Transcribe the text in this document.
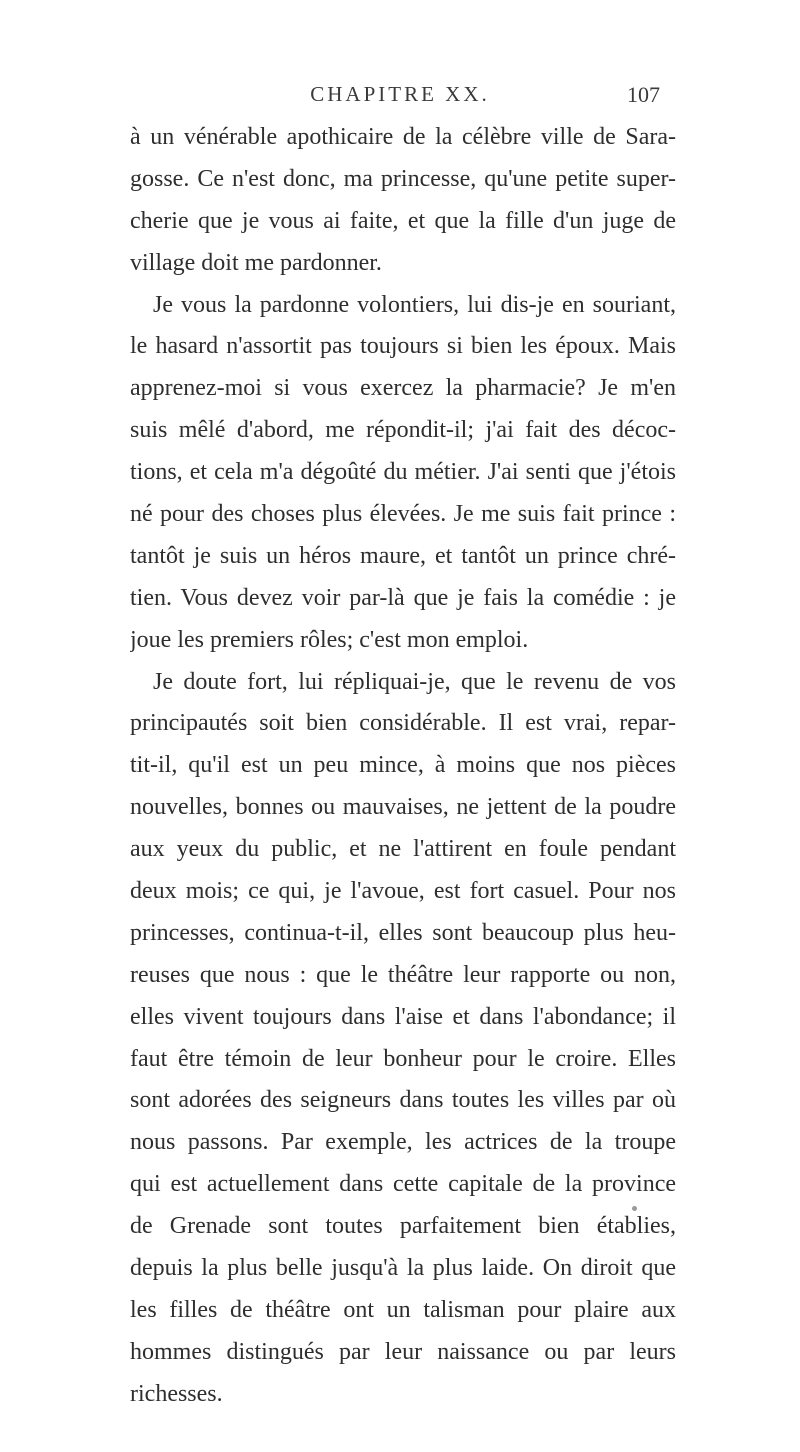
CHAPITRE XX.	107
à un vénérable apothicaire de la célèbre ville de Sara-
gosse. Ce n'est donc, ma princesse, qu'une petite super-
cherie que je vous ai faite, et que la fille d'un juge de
village doit me pardonner.
Je vous la pardonne volontiers, lui dis-je en souriant,
le hasard n'assortit pas toujours si bien les époux. Mais
apprenez-moi si vous exercez la pharmacie? Je m'en
suis mêlé d'abord, me répondit-il; j'ai fait des décoc-
tions, et cela m'a dégoûté du métier. J'ai senti que j'étois
né pour des choses plus élevées. Je me suis fait prince :
tantôt je suis un héros maure, et tantôt un prince chré-
tien. Vous devez voir par-là que je fais la comédie : je
joue les premiers rôles; c'est mon emploi.
Je doute fort, lui répliquai-je, que le revenu de vos
principautés soit bien considérable. Il est vrai, repar-
tit-il, qu'il est un peu mince, à moins que nos pièces
nouvelles, bonnes ou mauvaises, ne jettent de la poudre
aux yeux du public, et ne l'attirent en foule pendant
deux mois; ce qui, je l'avoue, est fort casuel. Pour nos
princesses, continua-t-il, elles sont beaucoup plus heu-
reuses que nous : que le théâtre leur rapporte ou non,
elles vivent toujours dans l'aise et dans l'abondance; il
faut être témoin de leur bonheur pour le croire. Elles
sont adorées des seigneurs dans toutes les villes par où
nous passons. Par exemple, les actrices de la troupe
qui est actuellement dans cette capitale de la province
de Grenade sont toutes parfaitement bien établies,
depuis la plus belle jusqu'à la plus laide. On diroit que
les filles de théâtre ont un talisman pour plaire aux
hommes distingués par leur naissance ou par leurs
richesses.
